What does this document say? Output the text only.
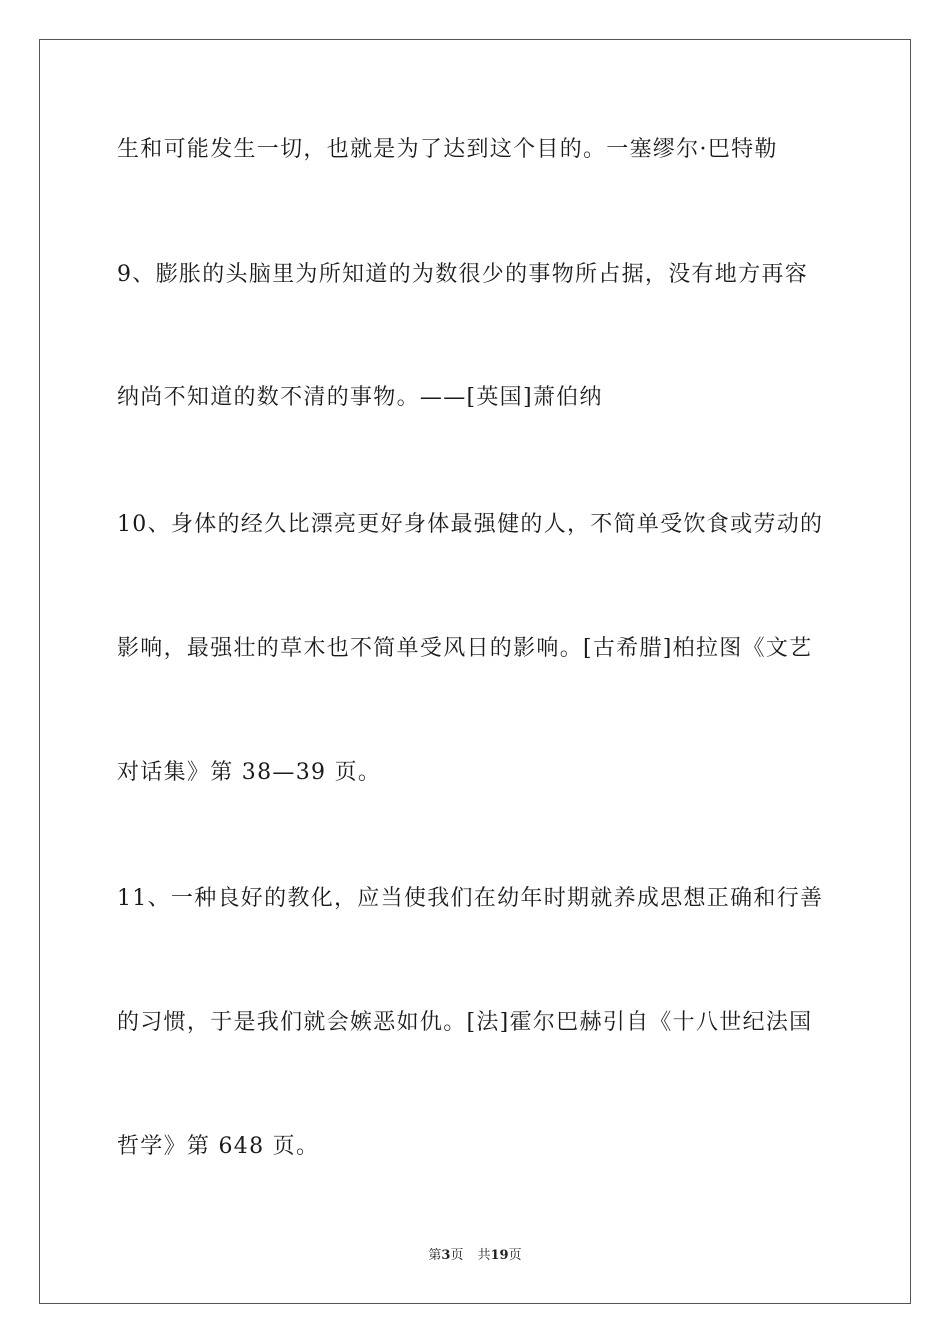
生和可能发生一切，也就是为了达到这个目的。一塞缪尔·巴特勒
9、膨胀的头脑里为所知道的为数很少的事物所占据，没有地方再容
纳尚不知道的数不清的事物。——[英国]萧伯纳
10、身体的经久比漂亮更好身体最强健的人，不简单受饮食或劳动的
影响，最强壮的草木也不简单受风日的影响。[古希腊]柏拉图《文艺
对话集》第 38—39 页。
11、一种良好的教化，应当使我们在幼年时期就养成思想正确和行善
的习惯，于是我们就会嫉恶如仇。[法]霍尔巴赫引自《十八世纪法国
哲学》第 648 页。
第3页 共19页
